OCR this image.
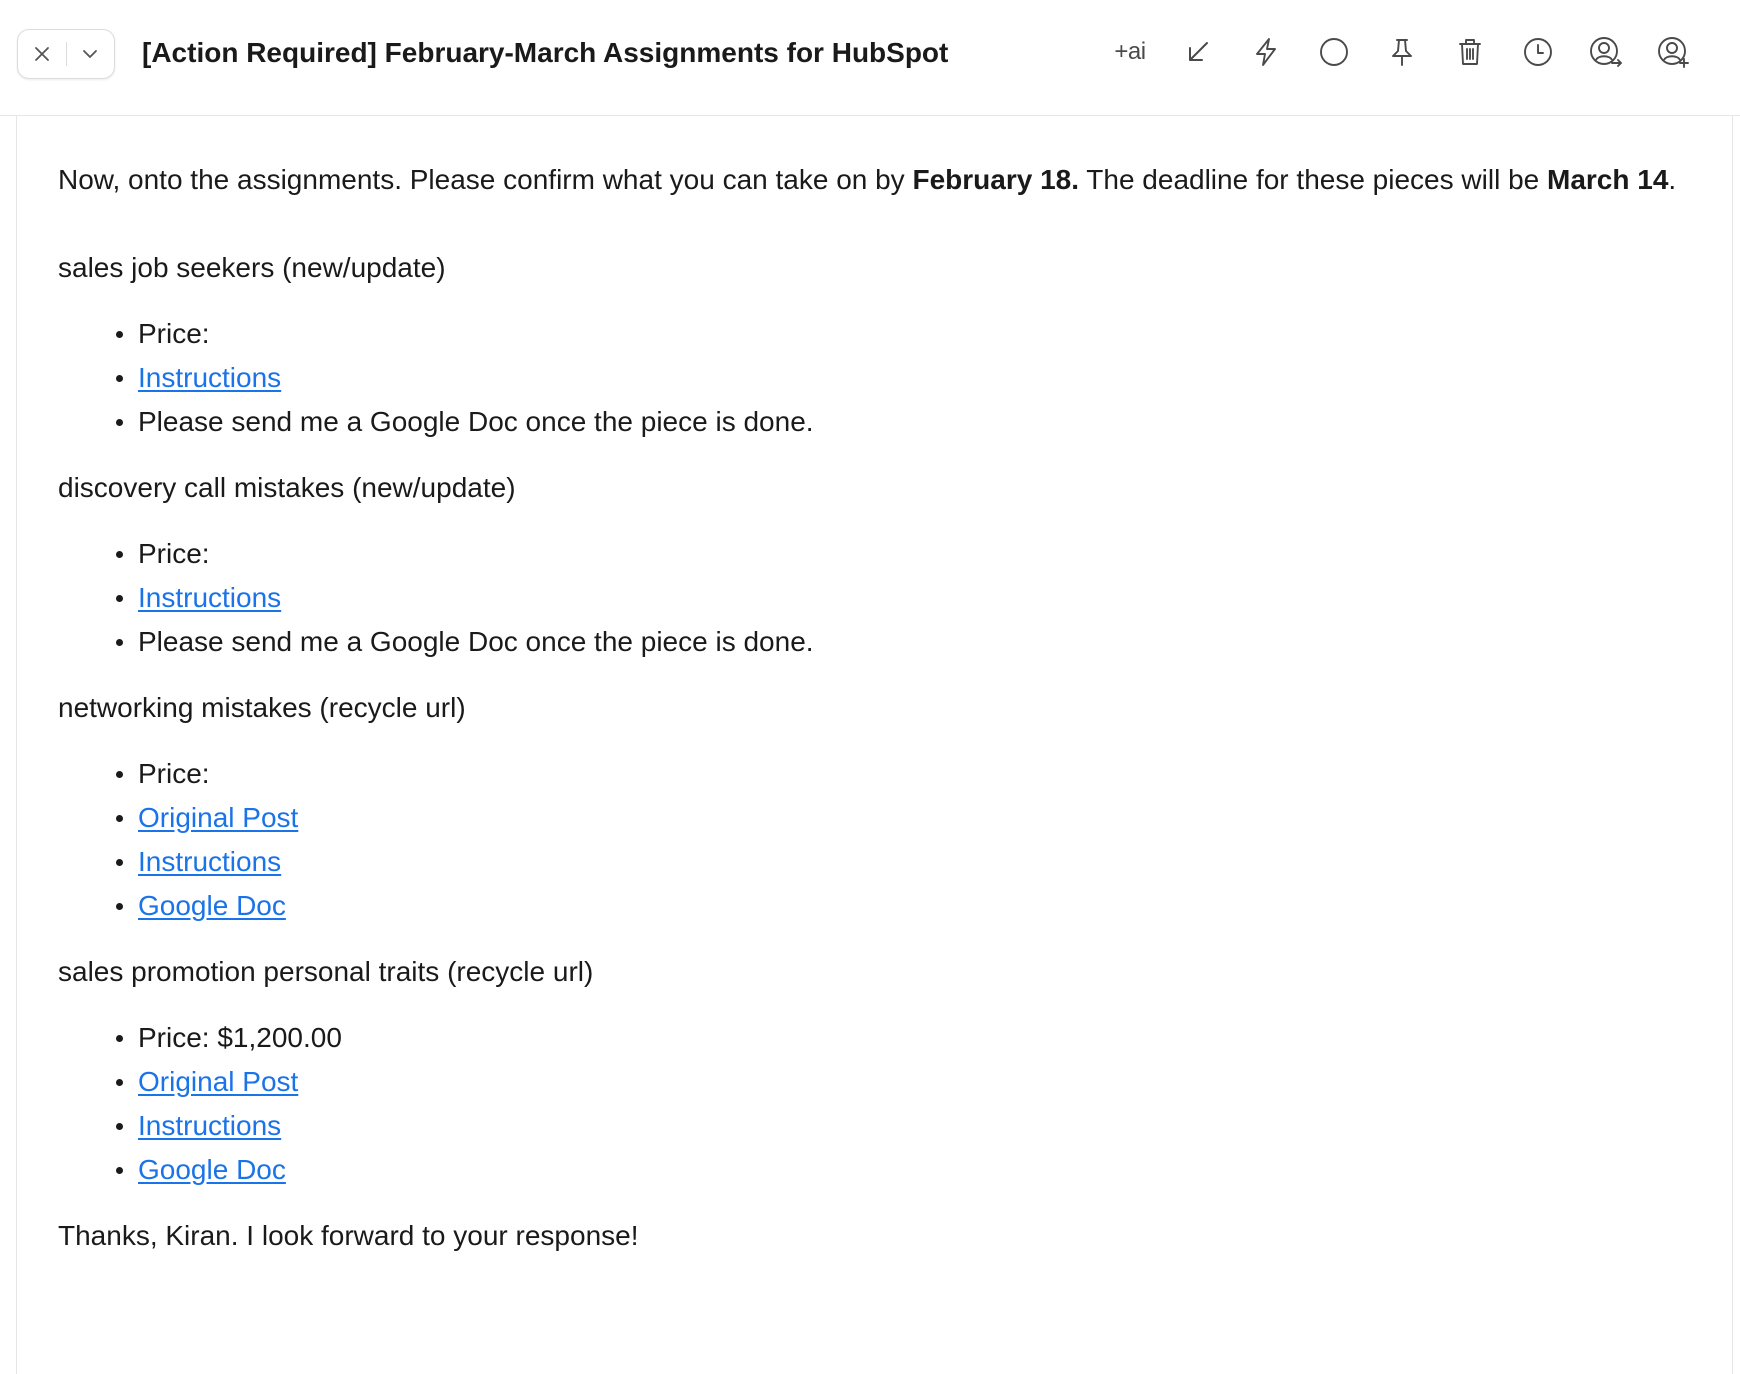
[Action Required] February-March Assignments for HubSpot	+ai

Now, onto the assignments. Please confirm what you can take on by February 18. The deadline for these pieces will be March 14.

sales job seekers (new/update)

Price:
Instructions
Please send me a Google Doc once the piece is done.

discovery call mistakes (new/update)

Price:
Instructions
Please send me a Google Doc once the piece is done.

networking mistakes (recycle url)

Price:
Original Post
Instructions
Google Doc

sales promotion personal traits (recycle url)

Price: $1,200.00
Original Post
Instructions
Google Doc

Thanks, Kiran. I look forward to your response!
